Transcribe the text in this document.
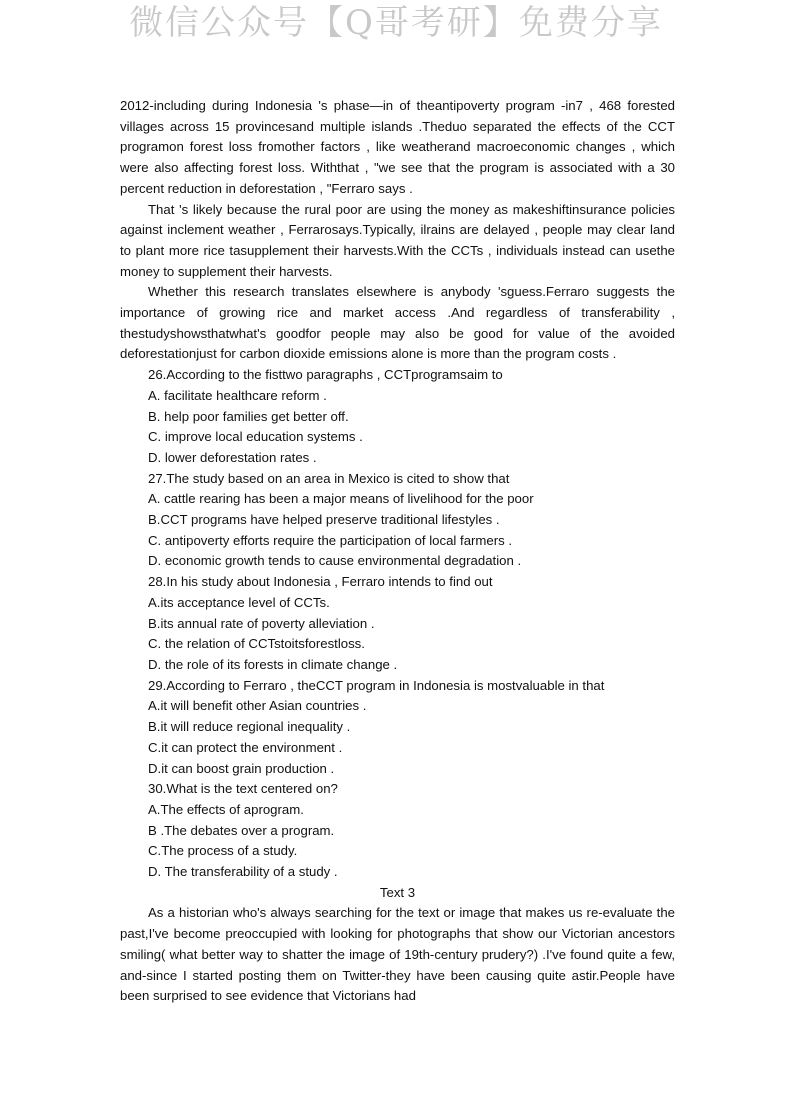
微信公众号【Q哥考研】免费分享

2012-including during Indonesia 's phase—in of theantipoverty program -in7 , 468 forested villages across 15 provincesand multiple islands .Theduo separated the effects of the CCT programon forest loss fromother factors , like weatherand macroeconomic changes , which were also affecting forest loss. Withthat , "we see that the program is associated with a 30 percent reduction in deforestation , "Ferraro says .

That 's likely because the rural poor are using the money as makeshiftinsurance policies against inclement weather , Ferrarosays.Typically, ilrains are delayed , people may clear land to plant more rice tasupplement their harvests.With the CCTs , individuals instead can usethe money to supplement their harvests.

Whether this research translates elsewhere is anybody 'sguess.Ferraro suggests the importance of growing rice and market access .And regardless of transferability , thestudyshowsthatwhat's goodfor people may also be good for value of the avoided deforestationjust for carbon dioxide emissions alone is more than the program costs .

26.According to the fisttwo paragraphs , CCTprogramsaim to

A. facilitate healthcare reform .

B. help poor families get better off.

C. improve local education systems .

D. lower deforestation rates .

27.The study based on an area in Mexico is cited to show that

A. cattle rearing has been a major means of livelihood for the poor

B.CCT programs have helped preserve traditional lifestyles .

C. antipoverty efforts require the participation of local farmers .

D. economic growth tends to cause environmental degradation .

28.In his study about Indonesia , Ferraro intends to find out

A.its acceptance level of CCTs.

B.its annual rate of poverty alleviation .

C. the relation of CCTstoitsforestloss.

D. the role of its forests in climate change .

29.According to Ferraro , theCCT program in Indonesia is mostvaluable in that

A.it will benefit other Asian countries .

B.it will reduce regional inequality .

C.it can protect the environment .

D.it can boost grain production .

30.What is the text centered on?

A.The effects of aprogram.

B .The debates over a program.

C.The process of a study.

D. The transferability of a study .

Text 3

As a historian who's always searching for the text or image that makes us re-evaluate the past,I've become preoccupied with looking for photographs that show our Victorian ancestors smiling( what better way to shatter the image of 19th-century prudery?) .I've found quite a few, and-since I started posting them on Twitter-they have been causing quite astir.People have been surprised to see evidence that Victorians had
